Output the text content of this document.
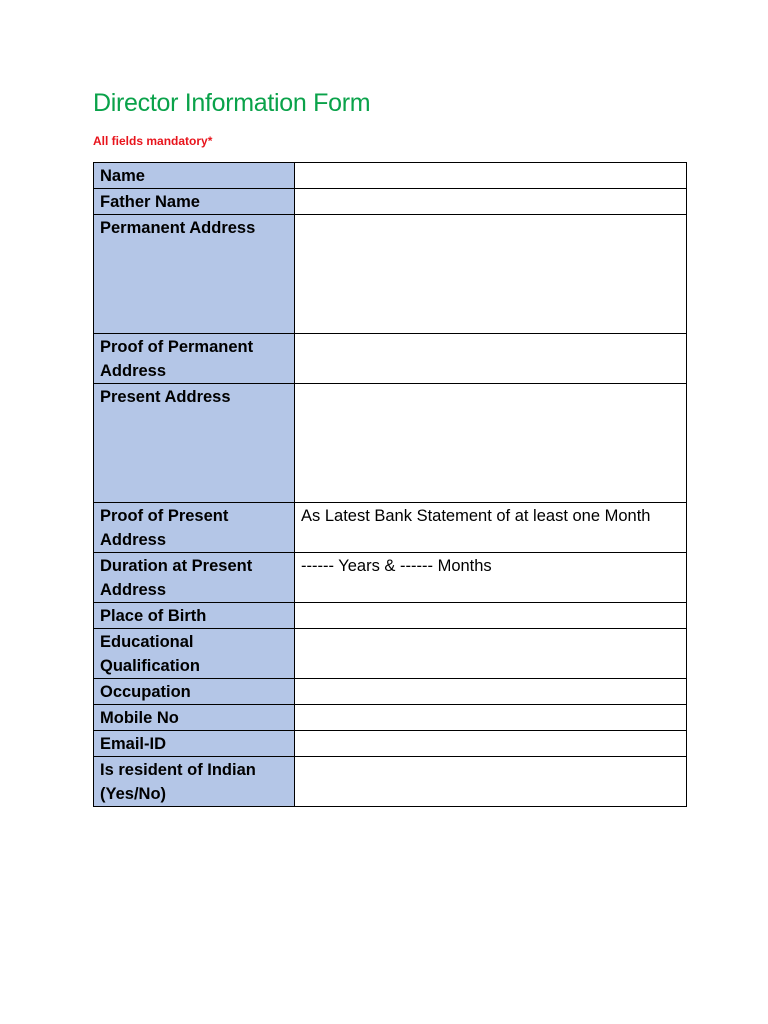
Director Information Form

All fields mandatory*

Name	
Father Name	
Permanent Address	
Proof of Permanent Address	
Present Address	
Proof of Present Address	As Latest Bank Statement of at least one Month
Duration at Present Address	------ Years & ------ Months
Place of Birth	
Educational Qualification	
Occupation	
Mobile No	
Email-ID	
Is resident of Indian (Yes/No)	
